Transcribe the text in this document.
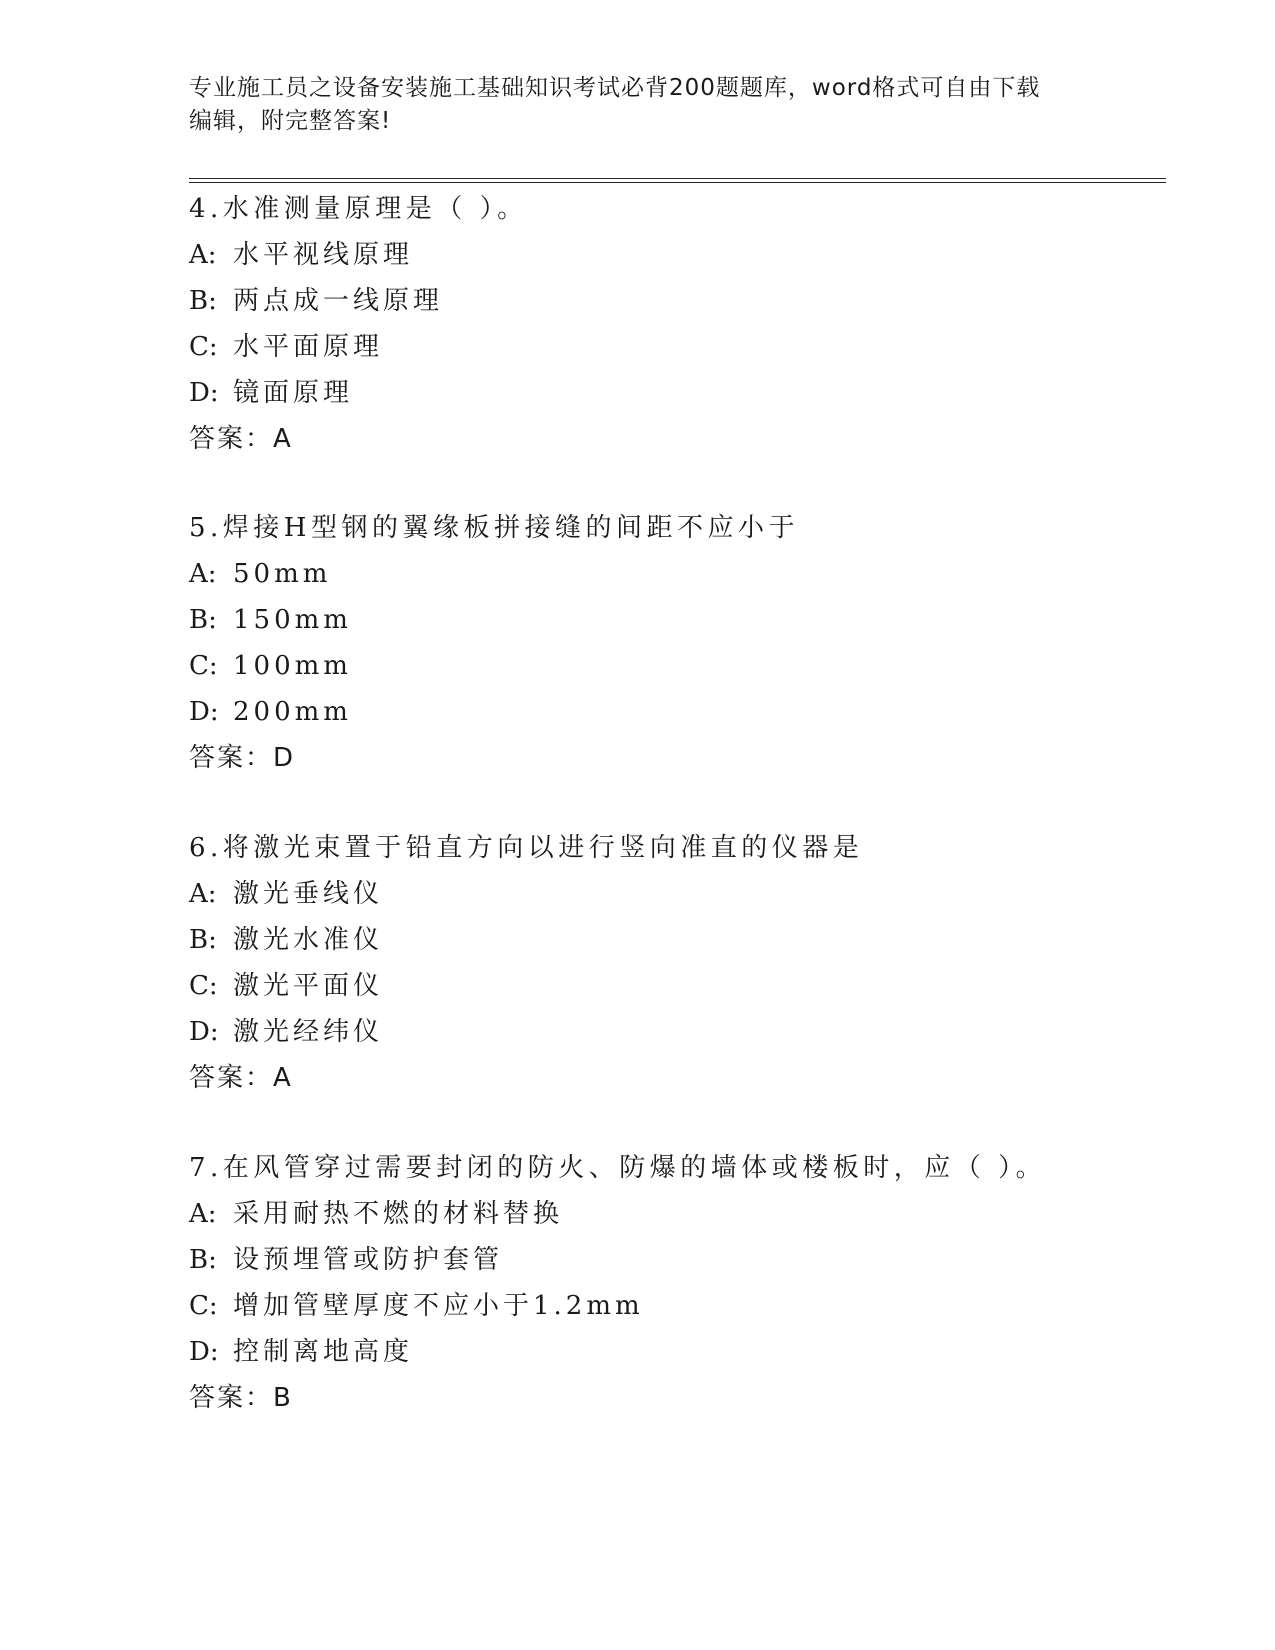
专业施工员之设备安装施工基础知识考试必背200题题库，word格式可自由下载
编辑，附完整答案!
4.水准测量原理是（ ）。
A: 水平视线原理
B: 两点成一线原理
C: 水平面原理
D: 镜面原理
答案：A
5.焊接H型钢的翼缘板拼接缝的间距不应小于
A: 50mm
B: 150mm
C: 100mm
D: 200mm
答案：D
6.将激光束置于铅直方向以进行竖向准直的仪器是
A: 激光垂线仪
B: 激光水准仪
C: 激光平面仪
D: 激光经纬仪
答案：A
7.在风管穿过需要封闭的防火、防爆的墙体或楼板时，应（ ）。
A: 采用耐热不燃的材料替换
B: 设预埋管或防护套管
C: 增加管壁厚度不应小于1.2mm
D: 控制离地高度
答案：B
